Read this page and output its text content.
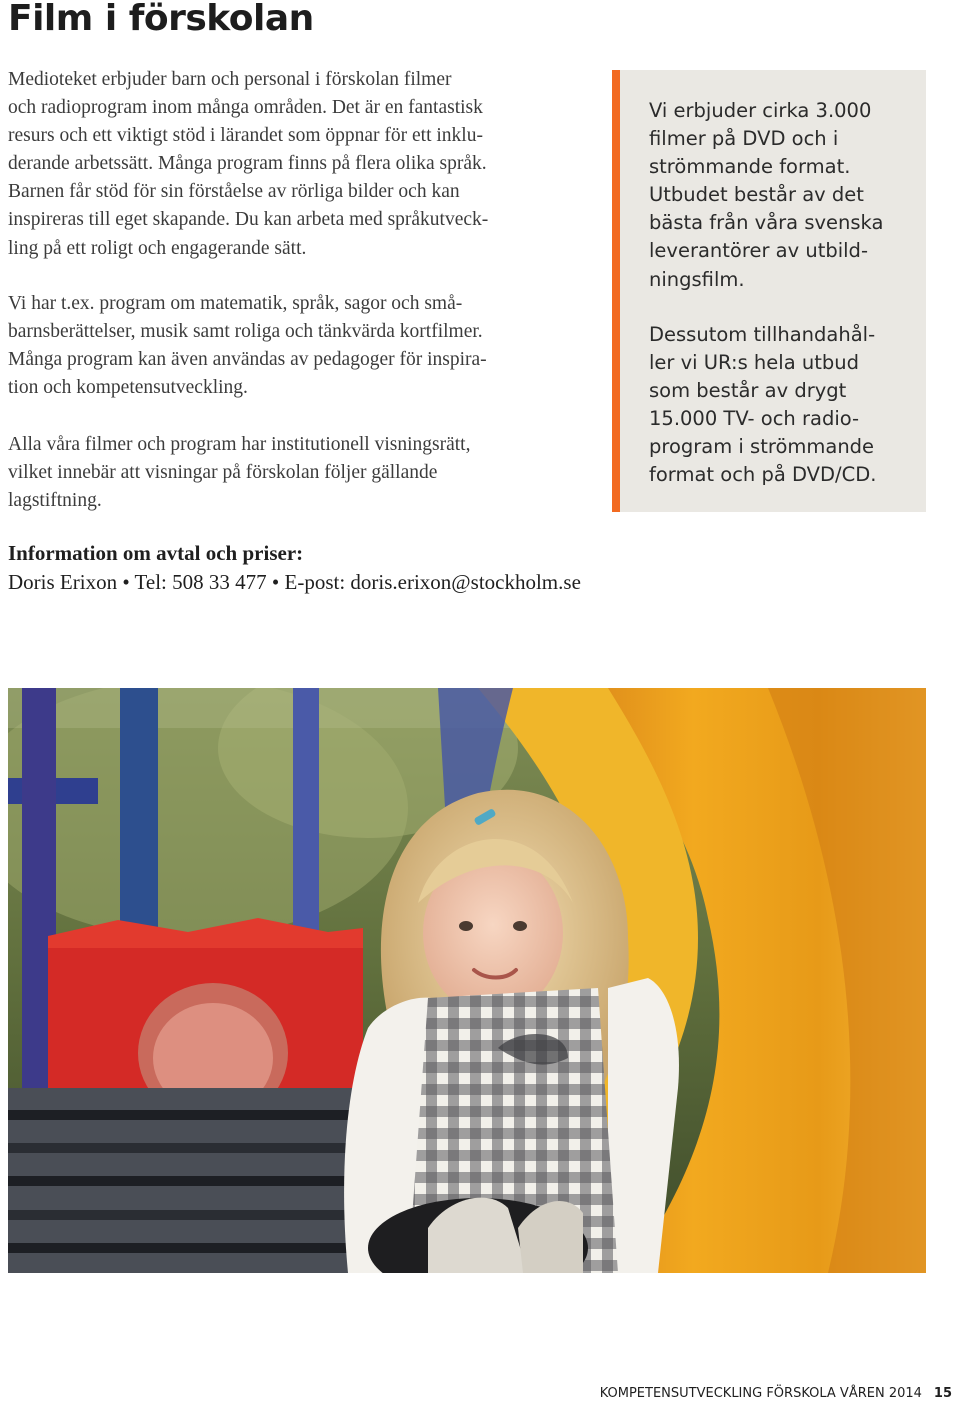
Film i förskolan
Medioteket erbjuder barn och personal i förskolan filmer
och radioprogram inom många områden. Det är en fantastisk
resurs och ett viktigt stöd i lärandet som öppnar för ett inklu-
derande arbetssätt. Många program finns på flera olika språk.
Barnen får stöd för sin förståelse av rörliga bilder och kan
inspireras till eget skapande. Du kan arbeta med språkutveck-
ling på ett roligt och engagerande sätt.
Vi har t.ex. program om matematik, språk, sagor och små-
barnsberättelser, musik samt roliga och tänkvärda kortfilmer.
Många program kan även användas av pedagoger för inspira-
tion och kompetensutveckling.
Alla våra filmer och program har institutionell visningsrätt,
vilket innebär att visningar på förskolan följer gällande
lagstiftning.
Information om avtal och priser:
Doris Erixon • Tel: 508 33 477 • E-post: doris.erixon@stockholm.se
Vi erbjuder cirka 3.000
filmer på DVD och i
strömmande format.
Utbudet består av det
bästa från våra svenska
leverantörer av utbild-
ningsfilm.
Dessutom tillhandahål-
ler vi UR:s hela utbud
som består av drygt
15.000 TV- och radio-
program i strömmande
format och på DVD/CD.
KOMPETENSUTVECKLING FÖRSKOLA VÅREN 2014 15
